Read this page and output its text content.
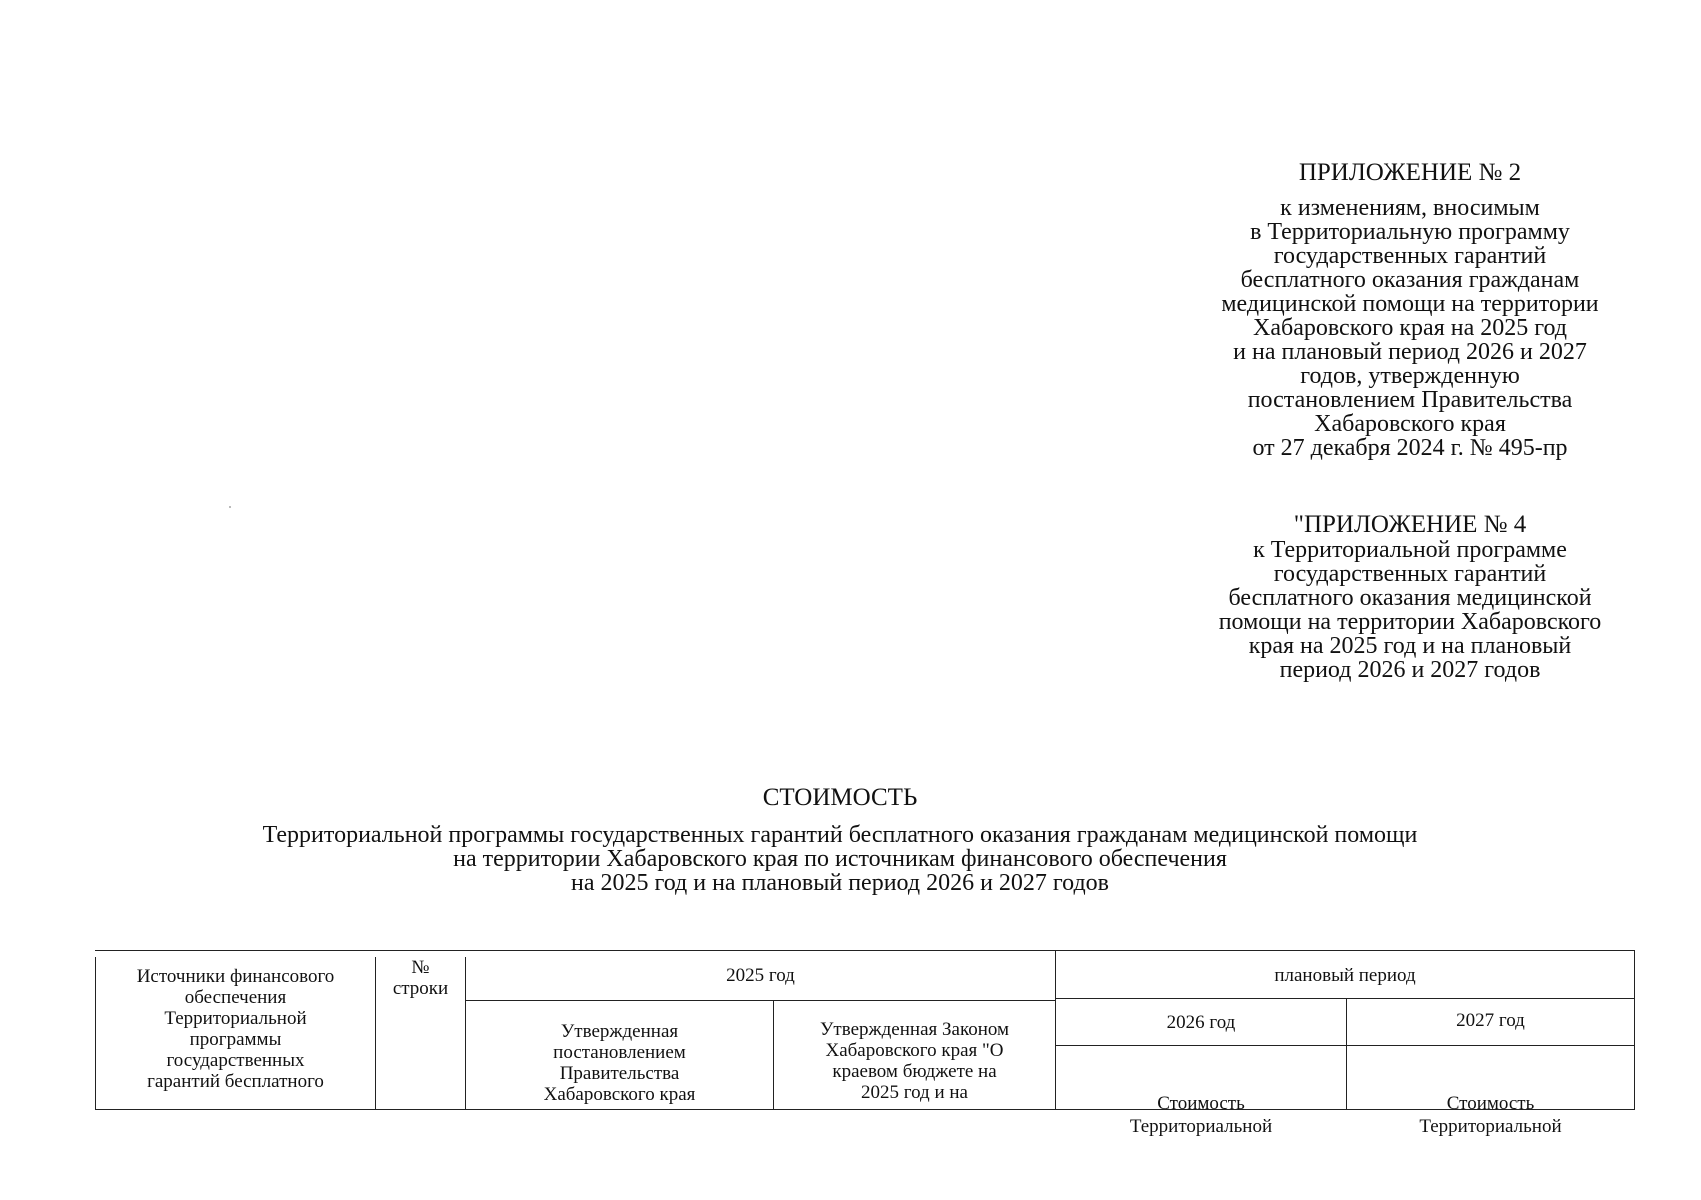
ПРИЛОЖЕНИЕ № 2
к изменениям, вносимым
в Территориальную программу
государственных гарантий
бесплатного оказания гражданам
медицинской помощи на территории
Хабаровского края на 2025 год
и на плановый период 2026 и 2027
годов, утвержденную
постановлением Правительства
Хабаровского края
от 27 декабря 2024 г. № 495-пр
"ПРИЛОЖЕНИЕ № 4
к Территориальной программе
государственных гарантий
бесплатного оказания медицинской
помощи на территории Хабаровского
края на 2025 год и на плановый
период 2026 и 2027 годов
СТОИМОСТЬ
Территориальной программы государственных гарантий бесплатного оказания гражданам медицинской помощи
на территории Хабаровского края по источникам финансового обеспечения
на 2025 год и на плановый период 2026 и 2027 годов
Источники финансового
обеспечения
Территориальной
программы
государственных
гарантий бесплатного
№
строки
2025 год	плановый период
Утвержденная
постановлением
Правительства
Хабаровского края
Утвержденная Законом
Хабаровского края "О
краевом бюджете на
2025 год и на
2026 год	2027 год
Стоимость
Территориальной
Стоимость
Территориальной
